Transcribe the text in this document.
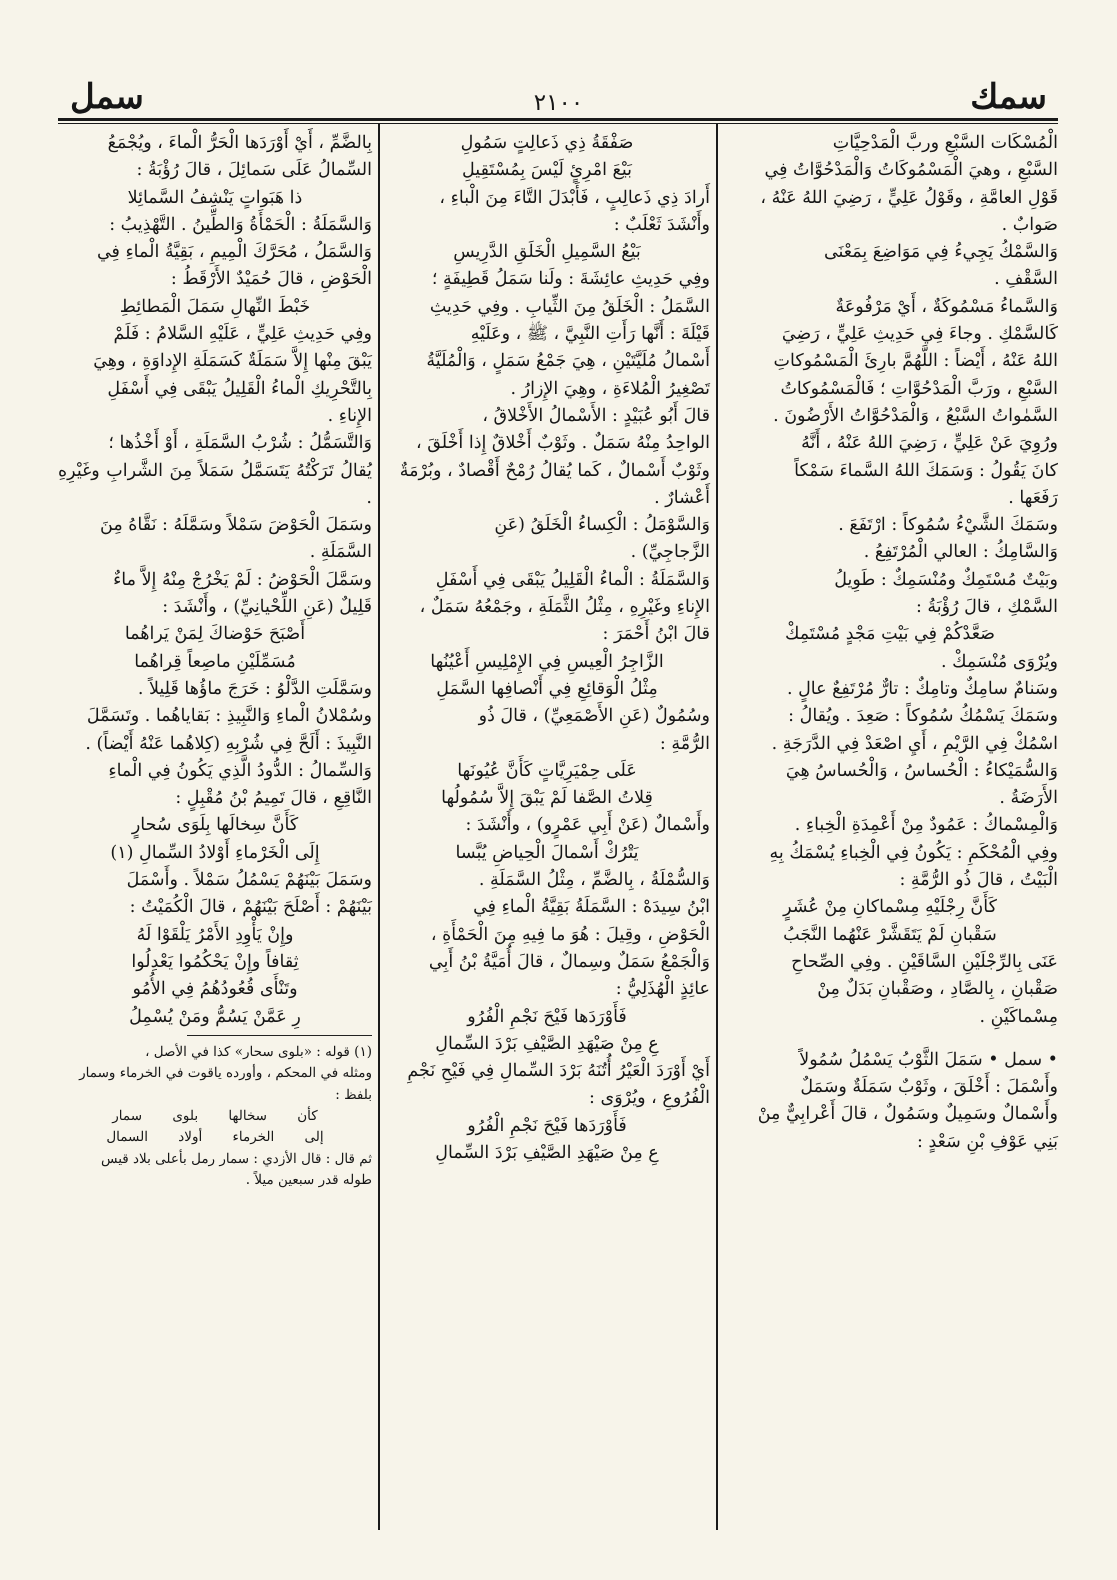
سمك
٢١٠٠
سمل

الْمُسْكَات السَّبْعِ وربَّ الْمَدْحِيَّاتِ

السَّبْعِ ، وهيَ الْمَسْمُوكَاتُ وَالْمَدْحُوَّاتُ فِي

قَوْلِ العامَّةِ ، وقَوْلُ عَلِيٍّ ، رَضِيَ اللهُ عَنْهُ ،

صَوابٌ .

وَالسَّمْكُ يَجِيءُ فِي مَوَاضِعَ بِمَعْنَى

السَّقْفِ .

وَالسَّماءُ مَسْمُوكَةٌ ، أَيْ مَرْفُوعَةٌ

كَالسَّمْكِ . وجاءَ فِي حَدِيثِ عَلِيٍّ ، رَضِيَ

اللهُ عَنْهُ ، أَيْضاً : اللَّهُمَّ بارِئَ الْمَسْمُوكاتِ

السَّبْعِ ، ورَبَّ الْمَدْحُوَّاتِ ؛ فَالْمَسْمُوكاتُ

السَّمٰواتُ السَّبْعُ ، وَالْمَدْحُوَّاتُ الأَرْضُونَ .

ورُوِيَ عَنْ عَلِيٍّ ، رَضِيَ اللهُ عَنْهُ ، أَنَّهُ

كانَ يَقُولُ : وَسَمَكَ اللهُ السَّماءَ سَمْكاً

رَفَعَها .

وسَمَكَ الشَّيْءُ سُمُوكاً : ارْتَفَعَ .

وَالسَّامِكُ : العالي الْمُرْتَفِعُ .

وبَيْتٌ مُسْتَمِكٌ ومُنْسَمِكٌ : طَوِيلُ

السَّمْكِ ، قالَ رُؤْبَةُ :

صَعَّدْكُمْ فِي بَيْتِ مَجْدٍ مُسْتَمِكْ

ويُرْوَى مُنْسَمِكْ .

وسَنامٌ سامِكٌ وتامِكٌ : تارٌّ مُرْتَفِعٌ عالٍ .

وسَمَكَ يَسْمُكُ سُمُوكاً : صَعِدَ . ويُقالُ :

اسْمُكْ فِي الرَّيْمِ ، أَيِ اصْعَدْ فِي الدَّرَجَةِ .

وَالسُّمَيْكاءُ : الْحُساسُ ، وَالْحُساسُ هِيَ

الأَرَضَةُ .

وَالْمِسْماكُ : عَمُودٌ مِنْ أَعْمِدَةِ الْخِباءِ .

وفِي الْمُحْكَمِ : يَكُونُ فِي الْخِباءِ يُسْمَكُ بِهِ

الْبَيْتُ ، قالَ ذُو الرُّمَّةِ :

كَأَنَّ رِجْلَيْهِ مِسْماكانِ مِنْ عُشَرٍ

سَقْبانِ لَمْ يَتَقَشَّرْ عَنْهُما النَّجَبُ

عَنَى بِالرِّجْلَيْنِ السَّاقَيْنِ . وفِي الصِّحاحِ

صَقْبانِ ، بِالصَّادِ ، وصَقْبانِ بَدَلٌ مِنْ

مِسْماكَيْنِ .

• سمل • سَمَلَ الثَّوْبُ يَسْمُلُ سُمُولاً

وأَسْمَلَ : أَخْلَقَ ، وثَوْبٌ سَمَلَةٌ وسَمَلٌ

وأَسْمالٌ وسَمِيلٌ وسَمُولٌ ، قالَ أَعْرابِيٌّ مِنْ

بَنِي عَوْفِ بْنِ سَعْدٍ :

صَفْقَةُ ذِي ذَعالِتٍ سَمُولِ

بَيْعَ امْرِئٍ لَيْسَ بِمُسْتَقِيلِ

أَرادَ ذِي ذَعالِبٍ ، فَأَبْدَلَ التَّاءَ مِنَ الْباءِ ،

وأَنْشَدَ ثَعْلَبٌ :

بَيْعُ السَّمِيلِ الْخَلَقِ الدَّرِيسِ

وفِي حَدِيثِ عائِشَةَ : ولَنا سَمَلُ قَطِيفَةٍ ؛

السَّمَلُ : الْخَلَقُ مِنَ الثِّيابِ . وفِي حَدِيثِ

قَيْلَةَ : أَنَّها رَأَتِ النَّبِيَّ ، ﷺ ، وعَلَيْهِ

أَسْمالُ مُلَيَّتَيْنِ ، هِيَ جَمْعُ سَمَلٍ ، وَالْمُلَيَّةُ

تَصْغِيرُ الْمُلاءَةِ ، وهِيَ الإِزارُ .

قالَ أَبُو عُبَيْدٍ : الأَسْمالُ الأَخْلاقُ ،

الواحِدُ مِنْهُ سَمَلٌ . وثَوْبٌ أَخْلاقٌ إِذا أَخْلَقَ ،

وثَوْبٌ أَسْمالٌ ، كَما يُقالُ رُمْحٌ أَقْصادٌ ، وبُرْمَةٌ

أَعْشارٌ .

وَالسَّوْمَلُ : الْكِساءُ الْخَلَقُ (عَنِ

الزَّجاجِيِّ) .

وَالسَّمَلَةُ : الْماءُ الْقَلِيلُ يَبْقَى فِي أَسْفَلِ

الإِناءِ وغَيْرِهِ ، مِثْلُ الثَّمَلَةِ ، وجَمْعُهُ سَمَلٌ ،

قالَ ابْنُ أَحْمَرَ :

الزَّاجِرُ الْعِيسِ فِي الإِمْلِيسِ أَعْيُنُها

مِثْلُ الْوَقائِعِ فِي أَنْصافِها السَّمَلِ

وسُمُولٌ (عَنِ الأَصْمَعِيِّ) ، قالَ ذُو

الرُّمَّةِ :

عَلَى حِمْيَرِيَّاتٍ كَأَنَّ عُيُونَها

قِلاتُ الصَّفا لَمْ يَبْقَ إِلاَّ سُمُولُها

وأَسْمالٌ (عَنْ أَبِي عَمْرٍو) ، وأَنْشَدَ :

يَتْرُكْ أَسْمالَ الْحِياضِ يُبَّسا

وَالسُّمْلَةُ ، بِالضَّمِّ ، مِثْلُ السَّمَلَةِ .

ابْنُ سِيدَهْ : السَّمَلَةُ بَقِيَّةُ الْماءِ فِي

الْحَوْضِ ، وقِيلَ : هُوَ ما فِيهِ مِنَ الْحَمْأَةِ ،

وَالْجَمْعُ سَمَلٌ وسِمالٌ ، قالَ أُمَيَّةُ بْنُ أَبِي

عائِذٍ الْهُذَلِيُّ :

فَأَوْرَدَها فَيْحَ نَجْمِ الْفُرُو

عِ مِنْ صَيْهَدِ الصَّيْفِ بَرْدَ السِّمالِ

أَيْ أَوْرَدَ الْعَيْرُ أُتُنَهُ بَرْدَ السِّمالِ فِي فَيْحِ نَجْمِ

الْفُرُوعِ ، ويُرْوَى :

فَأَوْرَدَها فَيْحَ نَجْمِ الْفُرُو

عِ مِنْ صَيْهَدِ الصَّيْفِ بَرْدَ السِّمالِ

بِالضَّمِّ ، أَيْ أَوْرَدَها الْحَرُّ الْماءَ ، ويُجْمَعُ

السِّمالُ عَلَى سَمائِلَ ، قالَ رُؤْبَةُ :

ذا هَبَواتٍ يَنْشِفُ السَّمائِلا

وَالسَّمَلَةُ : الْحَمْأَةُ وَالطِّينُ . التَّهْذِيبُ :

وَالسَّمَلُ ، مُحَرَّكَ الْمِيمِ ، بَقِيَّةُ الْماءِ فِي

الْحَوْضِ ، قالَ حُمَيْدٌ الأَرْقَطُ :

خَبْطَ النِّهالِ سَمَلَ الْمَطائِطِ

وفِي حَدِيثِ عَلِيٍّ ، عَلَيْهِ السَّلامُ : فَلَمْ

يَبْقَ مِنْها إِلاَّ سَمَلَةٌ كَسَمَلَةِ الإِداوَةِ ، وهِيَ

بِالتَّحْرِيكِ الْماءُ الْقَلِيلُ يَبْقَى فِي أَسْفَلِ

الإِناءِ .

وَالتَّسَمُّلُ : شُرْبُ السَّمَلَةِ ، أَوْ أَخْذُها ؛

يُقالُ تَرَكْتُهُ يَتَسَمَّلُ سَمَلاً مِنَ الشَّرابِ وغَيْرِهِ .

وسَمَلَ الْحَوْضَ سَمْلاً وسَمَّلَهُ : نَقَّاهُ مِنَ

السَّمَلَةِ .

وسَمَّلَ الْحَوْضُ : لَمْ يَخْرُجْ مِنْهُ إِلاَّ ماءٌ

قَلِيلٌ (عَنِ اللِّحْيانِيِّ) ، وأَنْشَدَ :

أَصْبَحَ حَوْضاكَ لِمَنْ يَراهُما

مُسَمِّلَيْنِ ماصِعاً قِراهُما

وسَمَّلَتِ الدَّلْوُ : خَرَجَ ماؤُها قَلِيلاً .

وسُمْلانُ الْماءِ وَالنَّبِيذِ : بَقاياهُما . وتَسَمَّلَ

النَّبِيذَ : أَلَحَّ فِي شُرْبِهِ (كِلاهُما عَنْهُ أَيْضاً) .

وَالسِّمالُ : الدُّودُ الَّذِي يَكُونُ فِي الْماءِ

النَّاقِعِ ، قالَ تَمِيمُ بْنُ مُقْبِلٍ :

كَأَنَّ سِخالَها بِلَوَى سُحارٍ

إِلَى الْخَرْماءِ أَوْلادُ السِّمالِ (١)

وسَمَلَ بَيْنَهُمْ يَسْمُلُ سَمْلاً . وأَسْمَلَ

بَيْنَهُمْ : أَصْلَحَ بَيْنَهُمْ ، قالَ الْكُمَيْتُ :

وإِنْ يَأْوِدِ الأَمْرُ يَلْقَوْا لَهُ

ثِقافاً وإِنْ يَحْكُمُوا يَعْدِلُوا

وتَنْأَى قُعُودُهُمُ فِي الأُمُو

رِ عَمَّنْ يَسُمُّ ومَنْ يُسْمِلُ

(١) قوله : «بلوى سحار» كذا في الأصل ،

ومثله في المحكم ، وأورده ياقوت في الخرماء وسمار

بلفظ :

كأن سخالها بلوى سمار

إلى الخرماء أولاد السمال

ثم قال : قال الأزدي : سمار رمل بأعلى بلاد قيس

طوله قدر سبعين ميلاً .
